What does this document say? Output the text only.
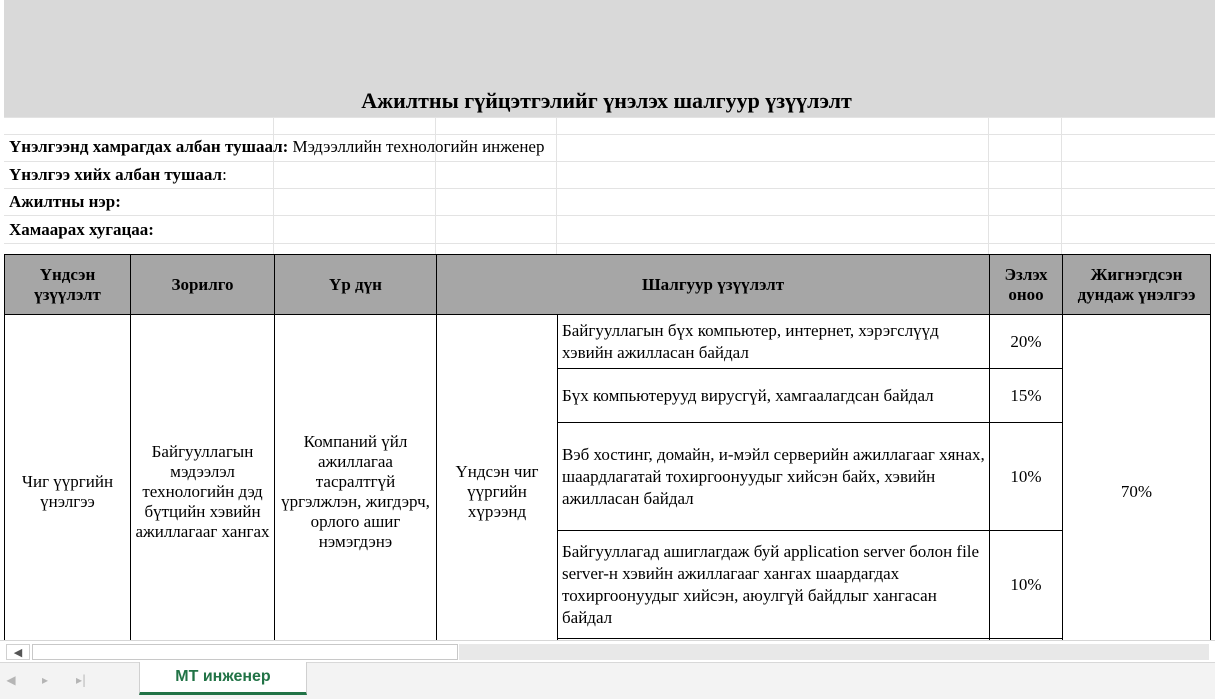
Ажилтны гүйцэтгэлийг үнэлэх шалгуур үзүүлэлт
Үнэлгээнд хамрагдах албан тушаал: Мэдээллийн технологийн инженер
Үнэлгээ хийх албан тушаал:
Ажилтны нэр:
Хамаарах хугацаа:
Үндсэн үзүүлэлт	Зорилго	Үр дүн	Шалгуур үзүүлэлт		Эзлэх оноо	Жигнэгдсэн дундаж үнэлгээ
Чиг үүргийн үнэлгээ	Байгууллагын мэдээлэл технологийн дэд бүтцийн хэвийн ажиллагааг хангах	Компаний үйл ажиллагаа тасралтгүй үргэлжлэн, жигдэрч, орлого ашиг нэмэгдэнэ	Үндсэн чиг үүргийн хүрээнд	Байгууллагын бүх компьютер, интернет, хэрэгслүүд хэвийн ажилласан байдал	20%	70%
				Бүх компьютерууд вирусгүй, хамгаалагдсан байдал	15%	
				Вэб хостинг, домайн, и-мэйл серверийн ажиллагааг хянах, шаардлагатай тохиргоонуудыг хийсэн байх, хэвийн ажилласан байдал	10%	
				Байгууллагад ашиглагдаж буй application server болон file server-н хэвийн ажиллагааг хангах шаардагдах тохиргоонуудыг хийсэн, аюулгүй байдлыг хангасан байдал	10%	

◀
◀	▸	▸|	МТ инженер
